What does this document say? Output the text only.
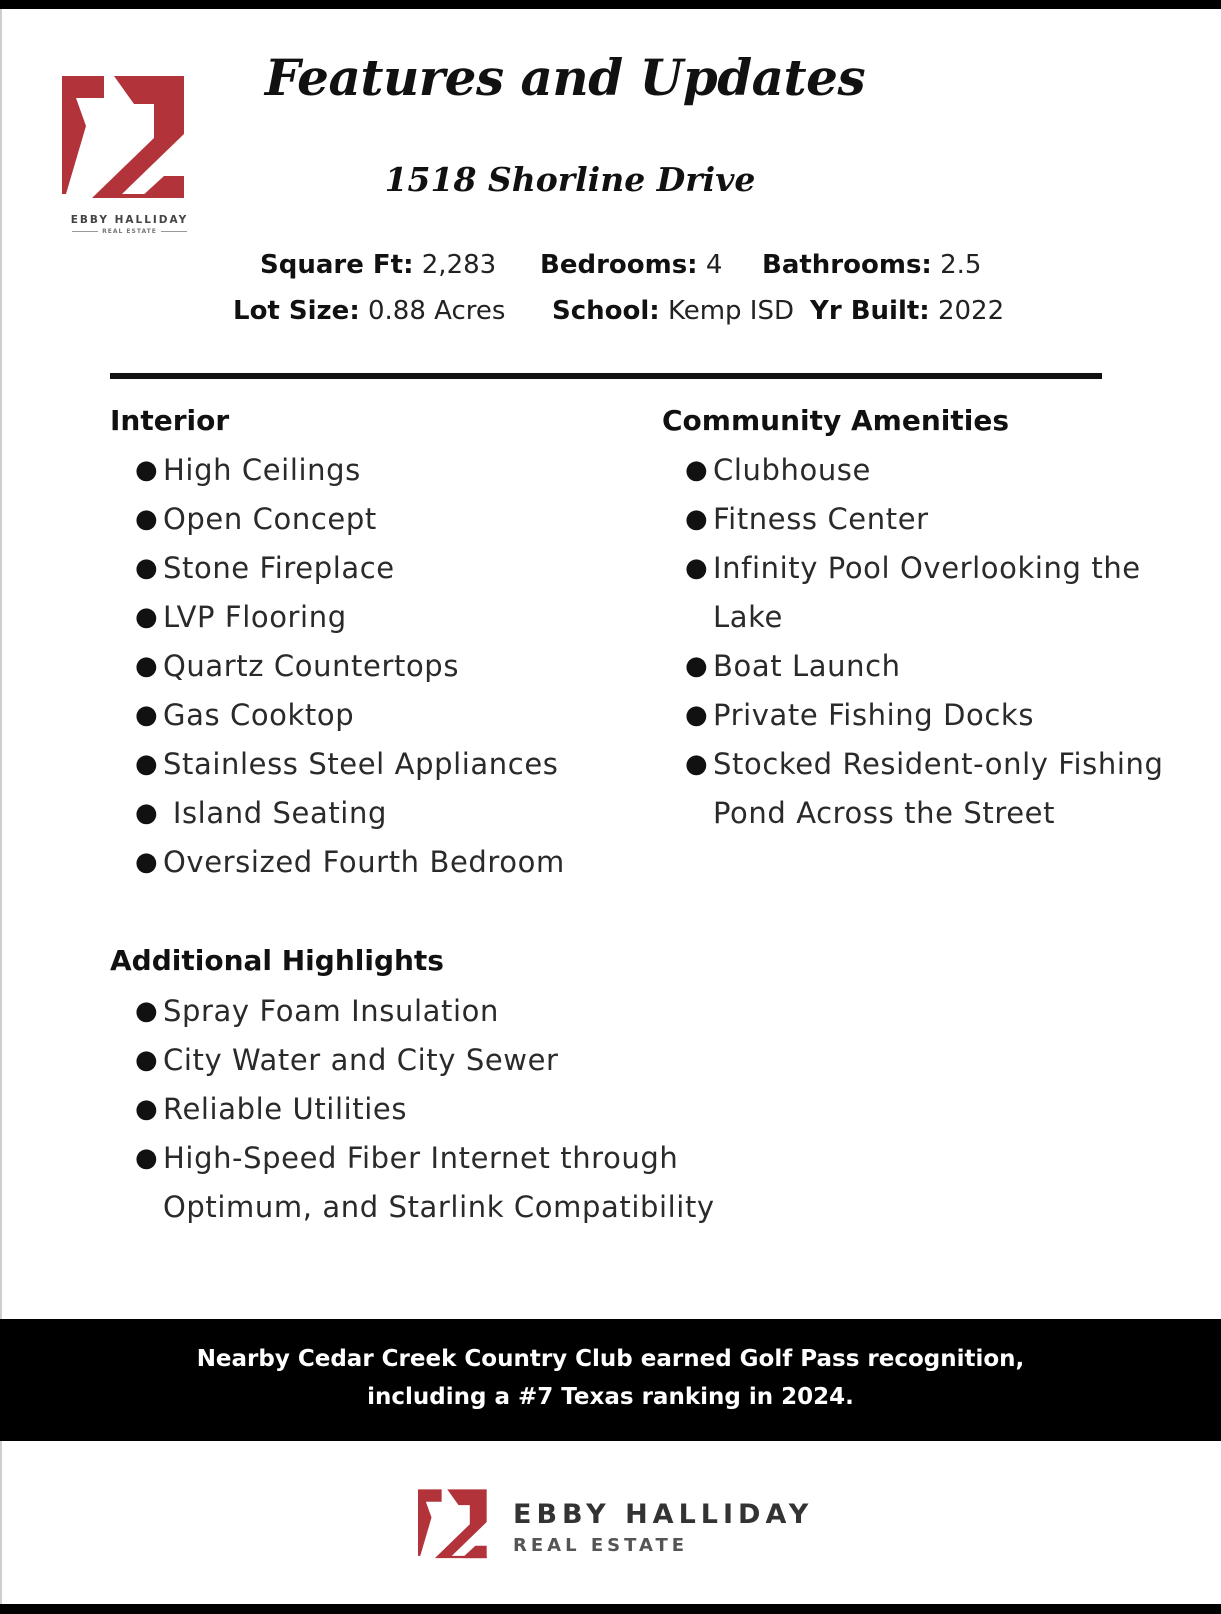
EBBY HALLIDAY
REAL ESTATE
Features and Updates
1518 Shorline Drive
Square Ft: 2,283 Bedrooms: 4 Bathrooms: 2.5
Lot Size: 0.88 Acres School: Kemp ISD Yr Built: 2022
Interior
● High Ceilings
● Open Concept
● Stone Fireplace
● LVP Flooring
● Quartz Countertops
● Gas Cooktop
● Stainless Steel Appliances
● Island Seating
● Oversized Fourth Bedroom
Community Amenities
● Clubhouse
● Fitness Center
● Infinity Pool Overlooking the
Lake
● Boat Launch
● Private Fishing Docks
● Stocked Resident-only Fishing
Pond Across the Street
Additional Highlights
● Spray Foam Insulation
● City Water and City Sewer
● Reliable Utilities
● High-Speed Fiber Internet through
Optimum, and Starlink Compatibility

Nearby Cedar Creek Country Club earned Golf Pass recognition,

including a #7 Texas ranking in 2024.

EBBY HALLIDAY
REAL ESTATE
